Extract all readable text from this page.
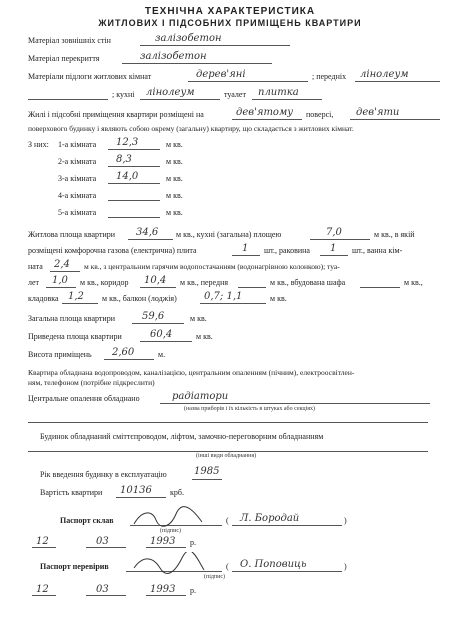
ТЕХНІЧНА ХАРАКТЕРИСТИКА
ЖИТЛОВИХ І ПІДСОБНИХ ПРИМІЩЕНЬ КВАРТИРИ
Матеріал зовнішніх стін	залізобетон
Матеріал перекриття	залізобетон
Матеріали підлоги житлових кімнат	дерев'яні	; передніх лінолеум
; кухні лінолеум	туалет плитка
Жилі і підсобні приміщення квартири розміщені на	дев'ятому поверсі, дев'яти
поверхового будинку і являють собою окрему (загальну) квартиру, що складається з житлових кімнат.
З них: 1-а кімната 12,3	м кв.
2-а кімната 8,3	м кв.
3-а кімната 14,0	м кв.
4-а кімната	м кв.
5-а кімната	м кв.
Житлова площа квартири 34,6 м кв., кухні (загальна) площею	7,0	м кв., в якій
розміщені комфорочна газова (електрична) плита	1 шт., раковина 1 шт., ванна кім-
ната 2,4 м кв., з центральним гарячим водопостачанням (водонагрівною колонкою); туа-
лет 1,0 м кв., коридор 10,4 м кв., передня	м кв., вбудована шафа	м кв.,
кладовка 1,2 м кв., балкон (лоджія)	0,7; 1,1	м кв.
Загальна площа квартири	59,6	м кв.
Приведена площа квартири	60,4	м кв.
Висота приміщень 2,60	м.
Квартира обладнана водопроводом, каналізацією, центральним опаленням (пічним), електроосвітлен-
ням, телефоном (потрібне підкреслити)
Центральне опалення обладнано	радіатори
(назва приборів і їх кількість в штуках або секціях)
Будинок обладнаний сміттєпроводом, ліфтом, замочно-переговорним обладнанням
(інші види обладнання)
Рік введення будинку в експлуатацію	1985
Вартість квартири 10136 крб.
Паспорт склав
(підпис)
( Л. Бородай	)
12	03	1993 р.
Паспорт перевірив
(підпис)
( О. Поповиць	)
12	03	1993 р.
